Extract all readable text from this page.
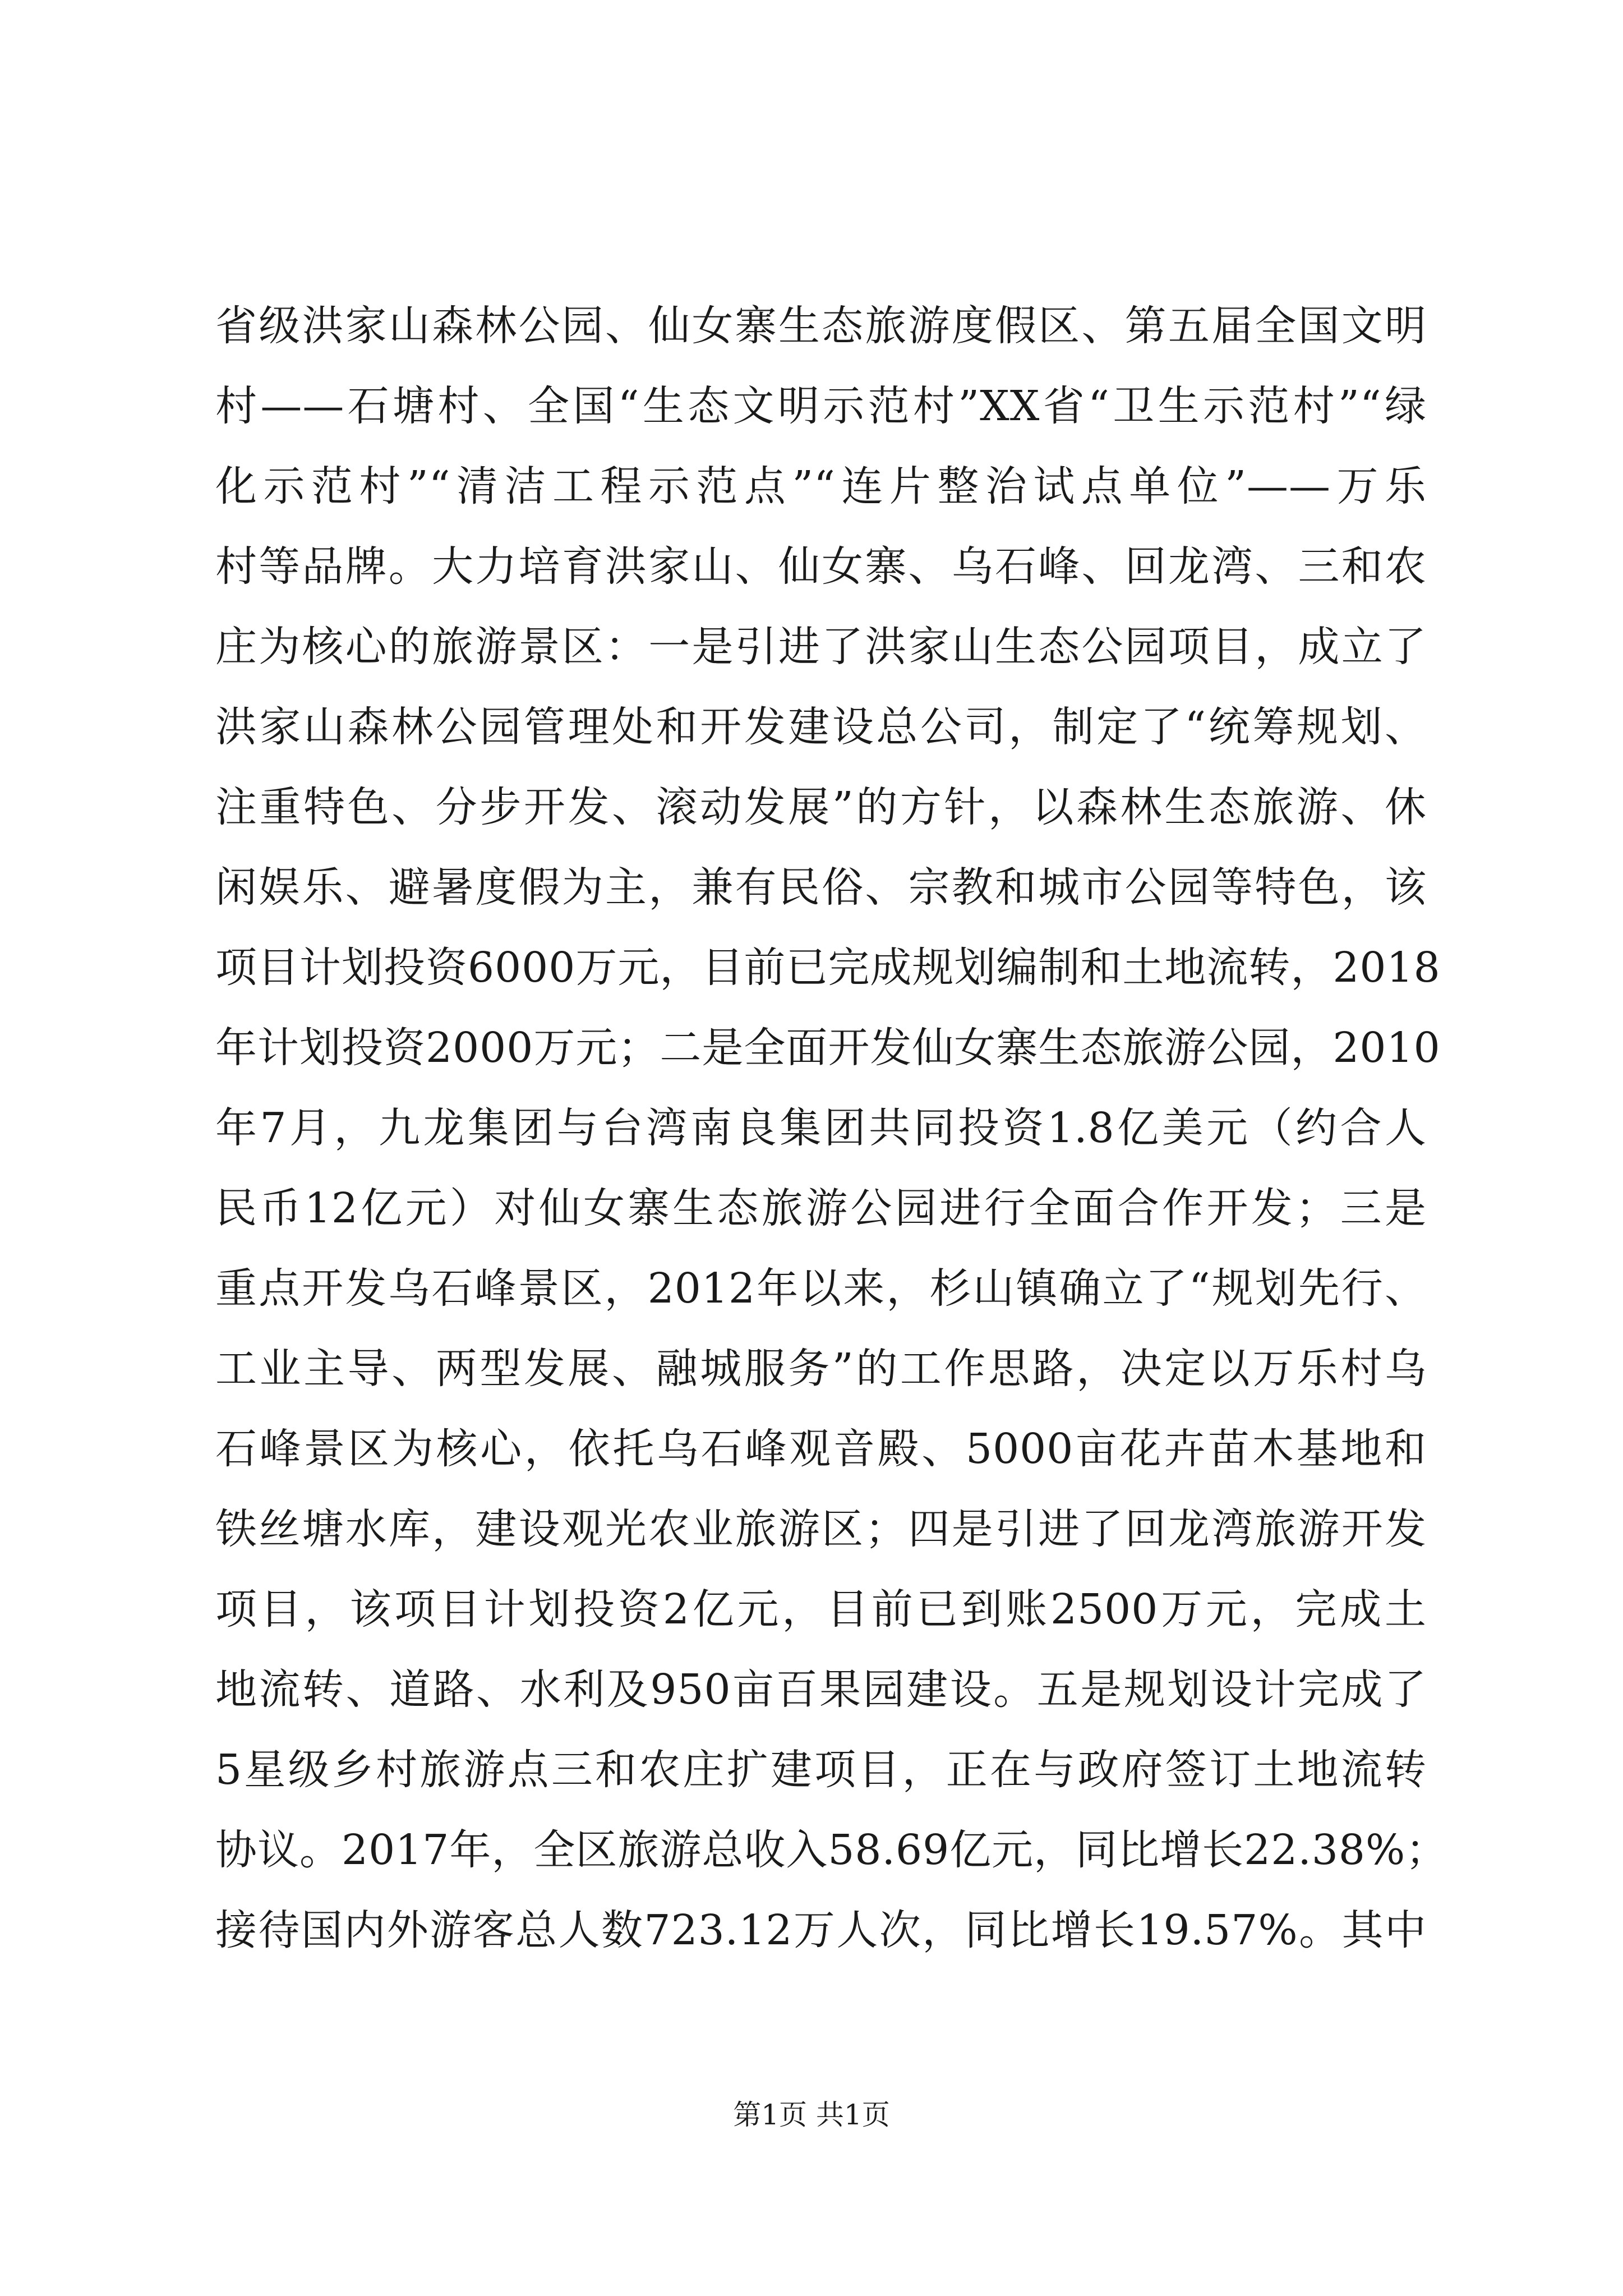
省级洪家山森林公园、仙女寨生态旅游度假区、第五届全国文明
村——石塘村、全国“生态文明示范村”XX省“卫生示范村”“绿
化示范村”“清洁工程示范点”“连片整治试点单位”——万乐
村等品牌。大力培育洪家山、仙女寨、乌石峰、回龙湾、三和农
庄为核心的旅游景区：一是引进了洪家山生态公园项目，成立了
洪家山森林公园管理处和开发建设总公司，制定了“统筹规划、
注重特色、分步开发、滚动发展”的方针，以森林生态旅游、休
闲娱乐、避暑度假为主，兼有民俗、宗教和城市公园等特色，该
项目计划投资6000万元，目前已完成规划编制和土地流转，2018
年计划投资2000万元；二是全面开发仙女寨生态旅游公园，2010
年7月，九龙集团与台湾南良集团共同投资1.8亿美元（约合人
民币12亿元）对仙女寨生态旅游公园进行全面合作开发；三是
重点开发乌石峰景区，2012年以来，杉山镇确立了“规划先行、
工业主导、两型发展、融城服务”的工作思路，决定以万乐村乌
石峰景区为核心，依托乌石峰观音殿、5000亩花卉苗木基地和
铁丝塘水库，建设观光农业旅游区；四是引进了回龙湾旅游开发
项目，该项目计划投资2亿元，目前已到账2500万元，完成土
地流转、道路、水利及950亩百果园建设。五是规划设计完成了
5星级乡村旅游点三和农庄扩建项目，正在与政府签订土地流转
协议。2017年，全区旅游总收入58.69亿元，同比增长22.38%；
接待国内外游客总人数723.12万人次，同比增长19.57%。其中
第1页 共1页
